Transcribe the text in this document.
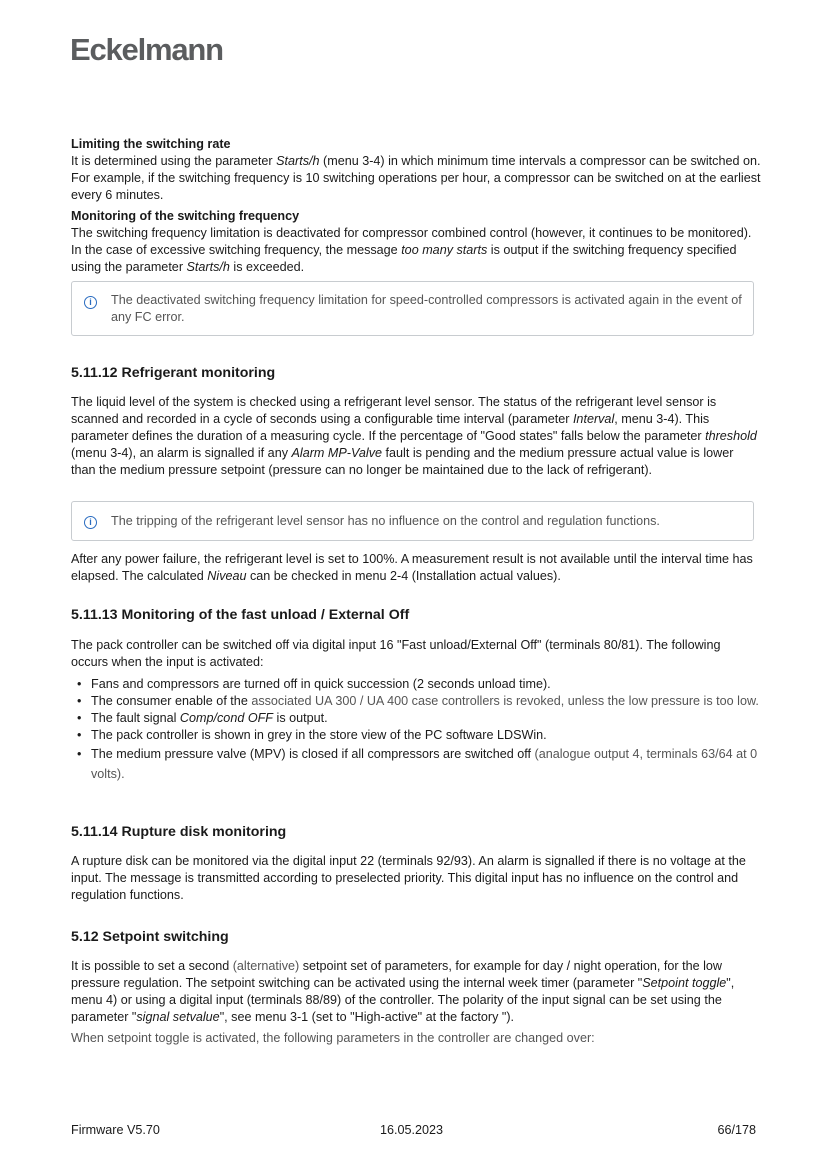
Eckelmann
Limiting the switching rate

It is determined using the parameter Starts/h (menu 3-4) in which minimum time intervals a compressor can be switched on. For example, if the switching frequency is 10 switching operations per hour, a compressor can be switched on at the earliest every 6 minutes.

Monitoring of the switching frequency

The switching frequency limitation is deactivated for compressor combined control (however, it continues to be monitored). In the case of excessive switching frequency, the message too many starts is output if the switching frequency specified using the parameter Starts/h is exceeded.

i	The deactivated switching frequency limitation for speed-controlled compressors is activated again in the event of any FC error.
5.11.12 Refrigerant monitoring

The liquid level of the system is checked using a refrigerant level sensor. The status of the refrigerant level sensor is scanned and recorded in a cycle of seconds using a configurable time interval (parameter Interval, menu 3-4). This parameter defines the duration of a measuring cycle. If the percentage of "Good states" falls below the parameter threshold (menu 3-4), an alarm is signalled if any Alarm MP-Valve fault is pending and the medium pressure actual value is lower than the medium pressure setpoint (pressure can no longer be maintained due to the lack of refrigerant).

i	The tripping of the refrigerant level sensor has no influence on the control and regulation functions.

After any power failure, the refrigerant level is set to 100%. A measurement result is not available until the interval time has elapsed. The calculated Niveau can be checked in menu 2-4 (Installation actual values).

5.11.13 Monitoring of the fast unload / External Off

The pack controller can be switched off via digital input 16 "Fast unload/External Off" (terminals 80/81). The following occurs when the input is activated:

• Fans and compressors are turned off in quick succession (2 seconds unload time).
• The consumer enable of the associated UA 300 / UA 400 case controllers is revoked, unless the low pressure is too low.
• The fault signal Comp/cond OFF is output.
• The pack controller is shown in grey in the store view of the PC software LDSWin.
• The medium pressure valve (MPV) is closed if all compressors are switched off (analogue output 4, terminals 63/64 at 0 volts).
5.11.14 Rupture disk monitoring

A rupture disk can be monitored via the digital input 22 (terminals 92/93). An alarm is signalled if there is no voltage at the input. The message is transmitted according to preselected priority. This digital input has no influence on the control and regulation functions.

5.12 Setpoint switching

It is possible to set a second (alternative) setpoint set of parameters, for example for day / night operation, for the low pressure regulation. The setpoint switching can be activated using the internal week timer (parameter "Setpoint toggle", menu 4) or using a digital input (terminals 88/89) of the controller. The polarity of the input signal can be set using the parameter "signal setvalue", see menu 3-1 (set to "High-active" at the factory ").

When setpoint toggle is activated, the following parameters in the controller are changed over:

Firmware V5.70	16.05.2023	66/178
